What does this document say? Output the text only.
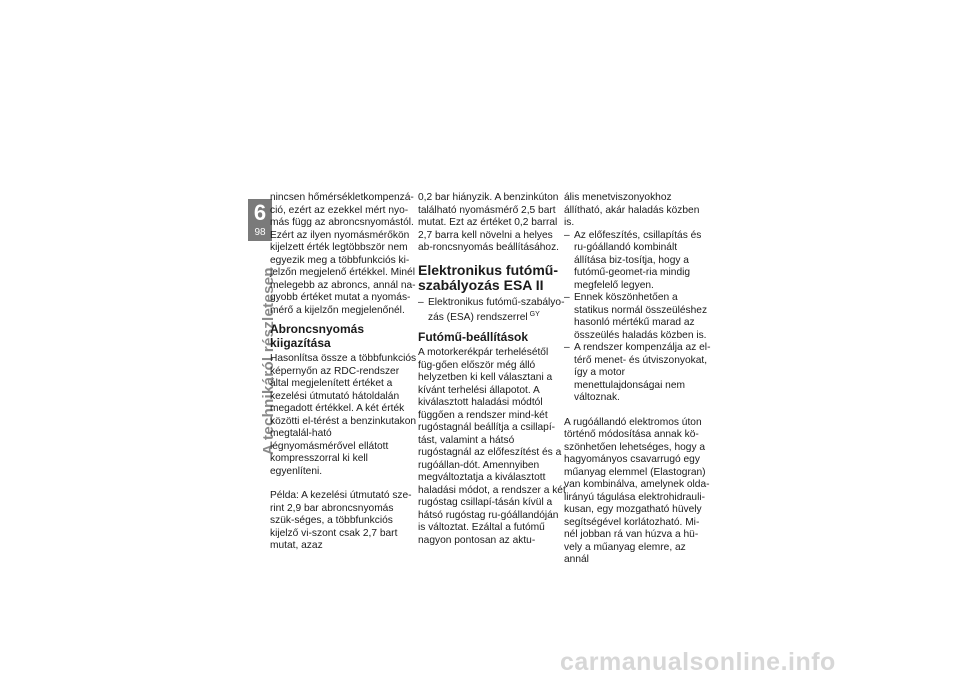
6
98
A technikáról részletesen

nincsen hőmérsékletkompenzá-ció, ezért az ezekkel mért nyo-más függ az abroncsnyomástól. Ezért az ilyen nyomásmérőkön kijelzett érték legtöbbször nem egyezik meg a többfunkciós ki-jelzőn megjelenő értékkel. Minél melegebb az abroncs, annál na-gyobb értéket mutat a nyomás-mérő a kijelzőn megjelenőnél.

Abroncsnyomás kiigazítása

Hasonlítsa össze a többfunkciós képernyőn az RDC-rendszer által megjelenített értéket a kezelési útmutató hátoldalán megadott értékkel. A két érték közötti el-térést a benzinkutakon megtalál-ható légnyomásmérővel ellátott kompresszorral ki kell egyenlíteni.

Példa: A kezelési útmutató sze-rint 2,9 bar abroncsnyomás szük-séges, a többfunkciós kijelző vi-szont csak 2,7 bart mutat, azaz

0,2 bar hiányzik. A benzinkúton található nyomásmérő 2,5 bart mutat. Ezt az értéket 0,2 barral 2,7 barra kell növelni a helyes ab-roncsnyomás beállításához.

Elektronikus futómű-szabályozás ESA II

– Elektronikus futómű-szabályo-zás (ESA) rendszerrel $^{GY}$

Futómű-beállítások

A motorkerékpár terhelésétől füg-gően először még álló helyzetben ki kell választani a kívánt terhelési állapotot. A kiválasztott haladási módtól függően a rendszer mind-két rugóstagnál beállítja a csillapí-tást, valamint a hátsó rugóstagnál az előfeszítést és a rugóállan-dót. Amennyiben megváltoztatja a kiválasztott haladási módot, a rendszer a két rugóstag csillapí-tásán kívül a hátsó rugóstag ru-góállandóján is változtat. Ezáltal a futómű nagyon pontosan az aktu-

ális menetviszonyokhoz állítható, akár haladás közben is.

– Az előfeszítés, csillapítás és ru-góállandó kombinált állítása biz-tosítja, hogy a futómű-geomet-ria mindig megfelelő legyen.

– Ennek köszönhetően a statikus normál összeüléshez hasonló mértékű marad az összeülés haladás közben is.

– A rendszer kompenzálja az el-térő menet- és útviszonyokat, így a motor menettulajdonságai nem változnak.

A rugóállandó elektromos úton történő módosítása annak kö-szönhetően lehetséges, hogy a hagyományos csavarrugó egy műanyag elemmel (Elastogran) van kombinálva, amelynek olda-lirányú tágulása elektrohidrauli-kusan, egy mozgatható hüvely segítségével korlátozható. Mi-nél jobban rá van húzva a hü-vely a műanyag elemre, az annál

carmanualsonline.info
